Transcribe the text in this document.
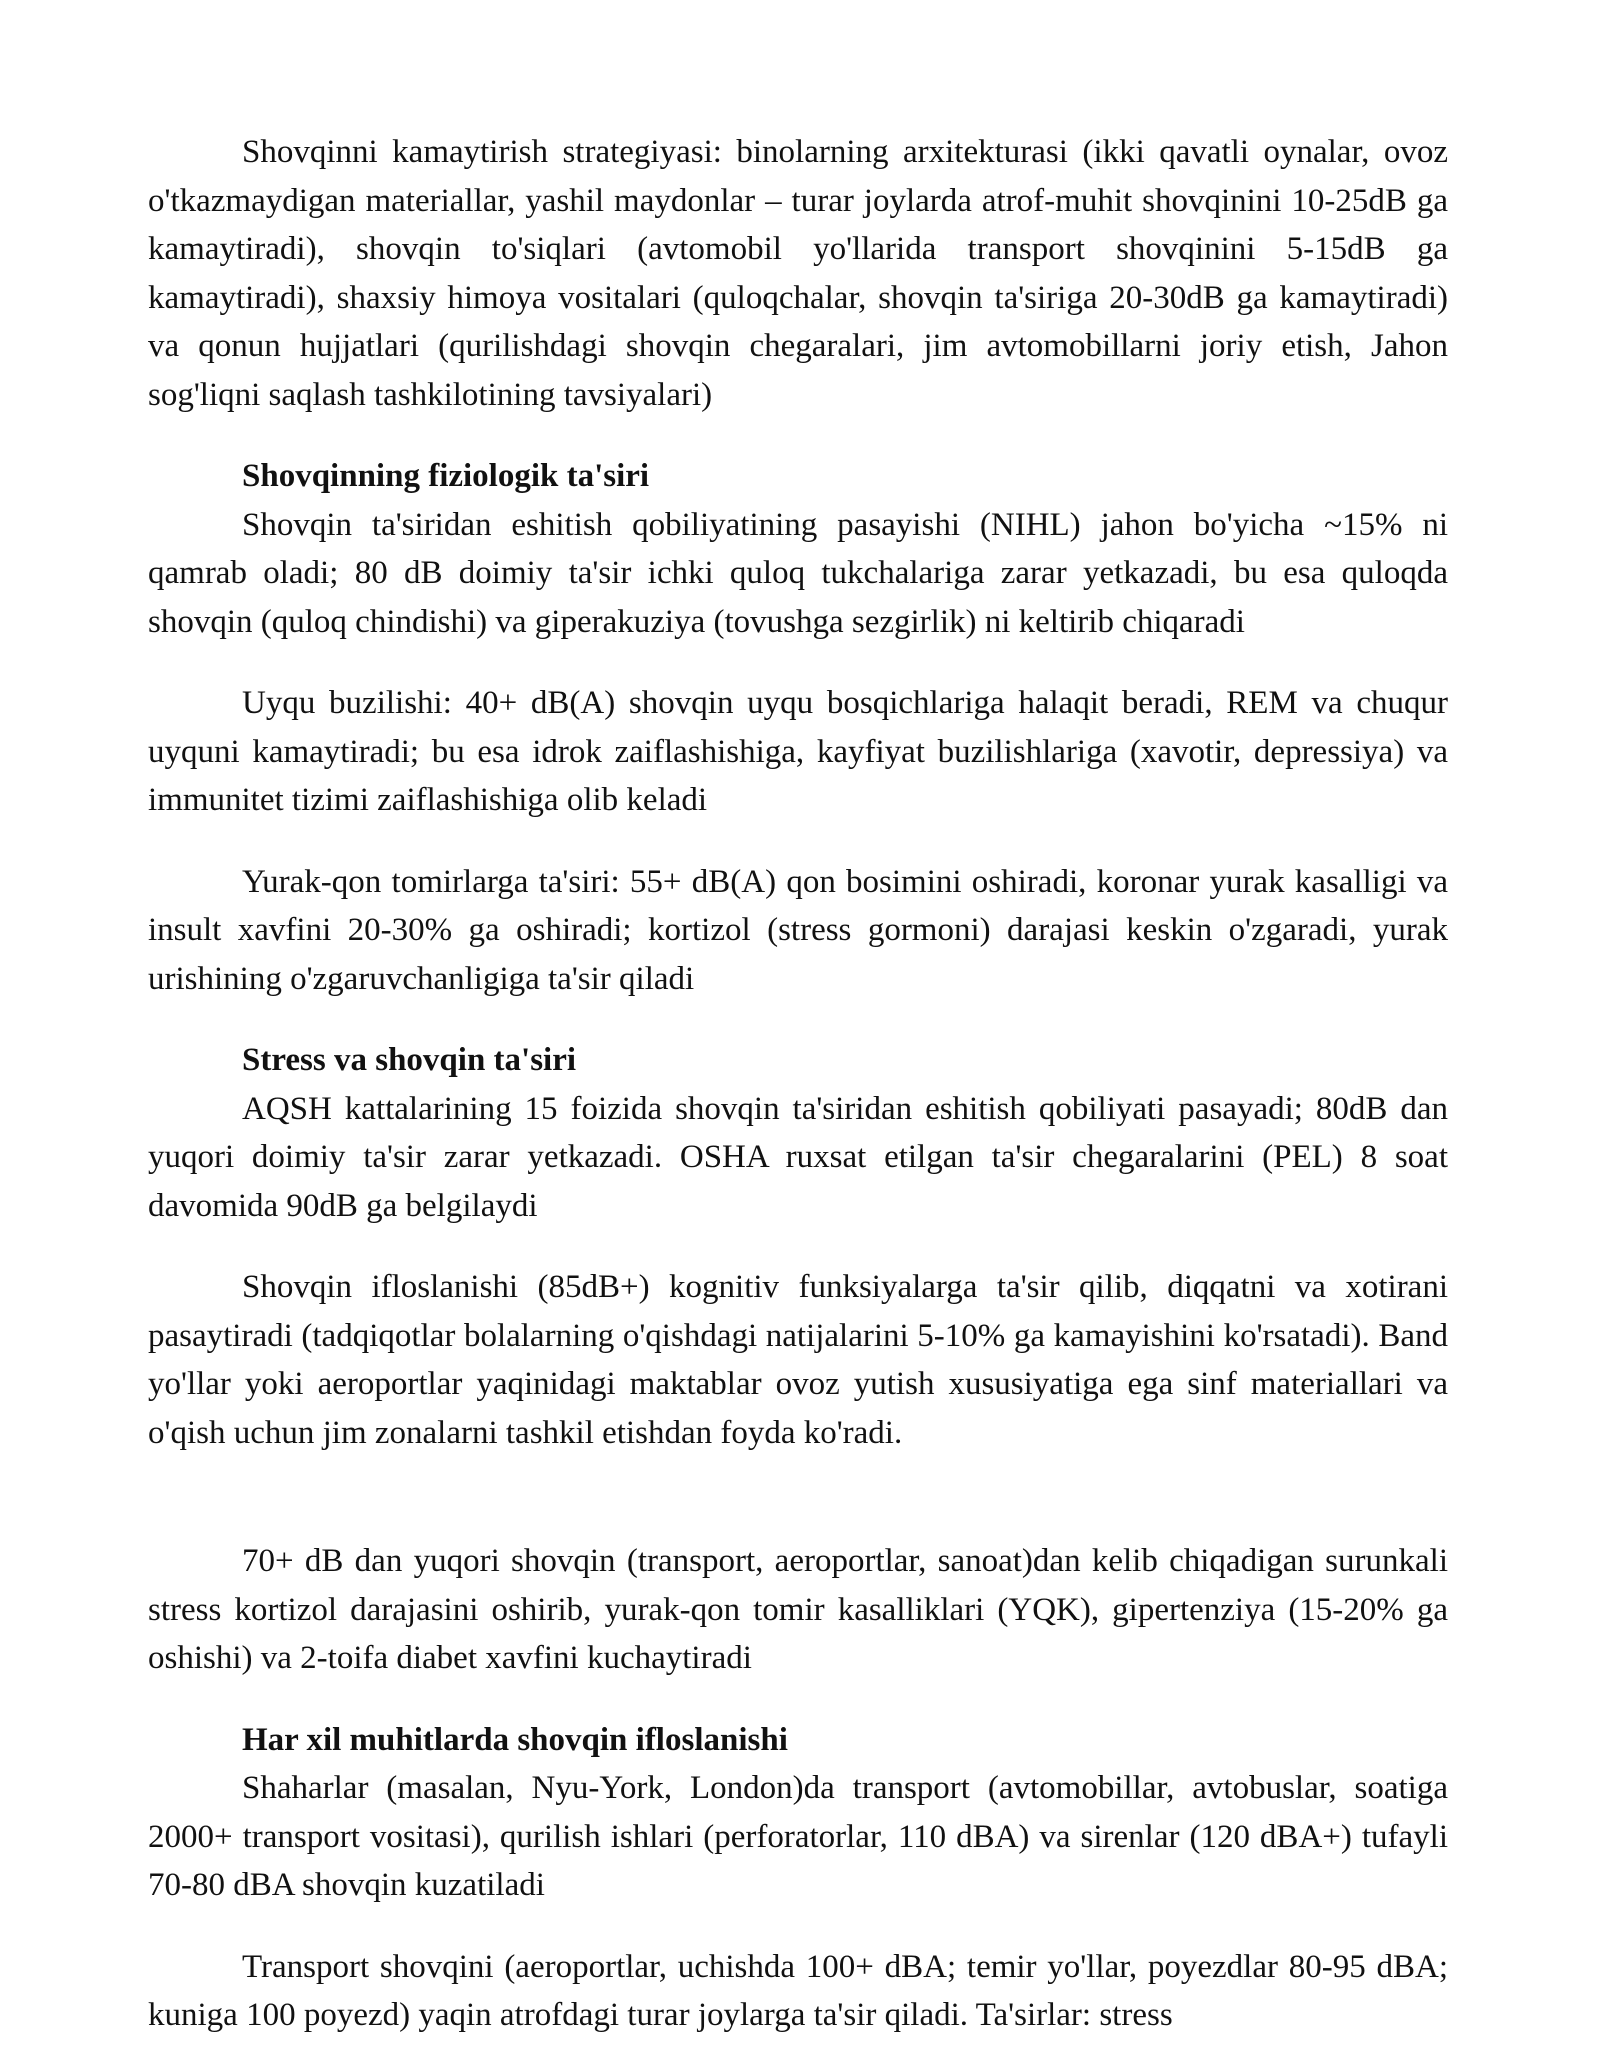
Shovqinni kamaytirish strategiyasi: binolarning arxitekturasi (ikki qavatli oynalar, ovoz o'tkazmaydigan materiallar, yashil maydonlar – turar joylarda atrof-muhit shovqinini 10-25dB ga kamaytiradi), shovqin to'siqlari (avtomobil yo'llarida transport shovqinini 5-15dB ga kamaytiradi), shaxsiy himoya vositalari (quloqchalar, shovqin ta'siriga 20-30dB ga kamaytiradi) va qonun hujjatlari (qurilishdagi shovqin chegaralari, jim avtomobillarni joriy etish, Jahon sog'liqni saqlash tashkilotining tavsiyalari)

Shovqinning fiziologik ta'siri

Shovqin ta'siridan eshitish qobiliyatining pasayishi (NIHL) jahon bo'yicha ~15% ni qamrab oladi; 80 dB doimiy ta'sir ichki quloq tukchalariga zarar yetkazadi, bu esa quloqda shovqin (quloq chindishi) va giperakuziya (tovushga sezgirlik) ni keltirib chiqaradi

Uyqu buzilishi: 40+ dB(A) shovqin uyqu bosqichlariga halaqit beradi, REM va chuqur uyquni kamaytiradi; bu esa idrok zaiflashishiga, kayfiyat buzilishlariga (xavotir, depressiya) va immunitet tizimi zaiflashishiga olib keladi

Yurak-qon tomirlarga ta'siri: 55+ dB(A) qon bosimini oshiradi, koronar yurak kasalligi va insult xavfini 20-30% ga oshiradi; kortizol (stress gormoni) darajasi keskin o'zgaradi, yurak urishining o'zgaruvchanligiga ta'sir qiladi

Stress va shovqin ta'siri

AQSH kattalarining 15 foizida shovqin ta'siridan eshitish qobiliyati pasayadi; 80dB dan yuqori doimiy ta'sir zarar yetkazadi. OSHA ruxsat etilgan ta'sir chegaralarini (PEL) 8 soat davomida 90dB ga belgilaydi

Shovqin ifloslanishi (85dB+) kognitiv funksiyalarga ta'sir qilib, diqqatni va xotirani pasaytiradi (tadqiqotlar bolalarning o'qishdagi natijalarini 5-10% ga kamayishini ko'rsatadi). Band yo'llar yoki aeroportlar yaqinidagi maktablar ovoz yutish xususiyatiga ega sinf materiallari va o'qish uchun jim zonalarni tashkil etishdan foyda ko'radi.

70+ dB dan yuqori shovqin (transport, aeroportlar, sanoat)dan kelib chiqadigan surunkali stress kortizol darajasini oshirib, yurak-qon tomir kasalliklari (YQK), gipertenziya (15-20% ga oshishi) va 2-toifa diabet xavfini kuchaytiradi

Har xil muhitlarda shovqin ifloslanishi

Shaharlar (masalan, Nyu-York, London)da transport (avtomobillar, avtobuslar, soatiga 2000+ transport vositasi), qurilish ishlari (perforatorlar, 110 dBA) va sirenlar (120 dBA+) tufayli 70-80 dBA shovqin kuzatiladi

Transport shovqini (aeroportlar, uchishda 100+ dBA; temir yo'llar, poyezdlar 80-95 dBA; kuniga 100 poyezd) yaqin atrofdagi turar joylarga ta'sir qiladi. Ta'sirlar: stress
